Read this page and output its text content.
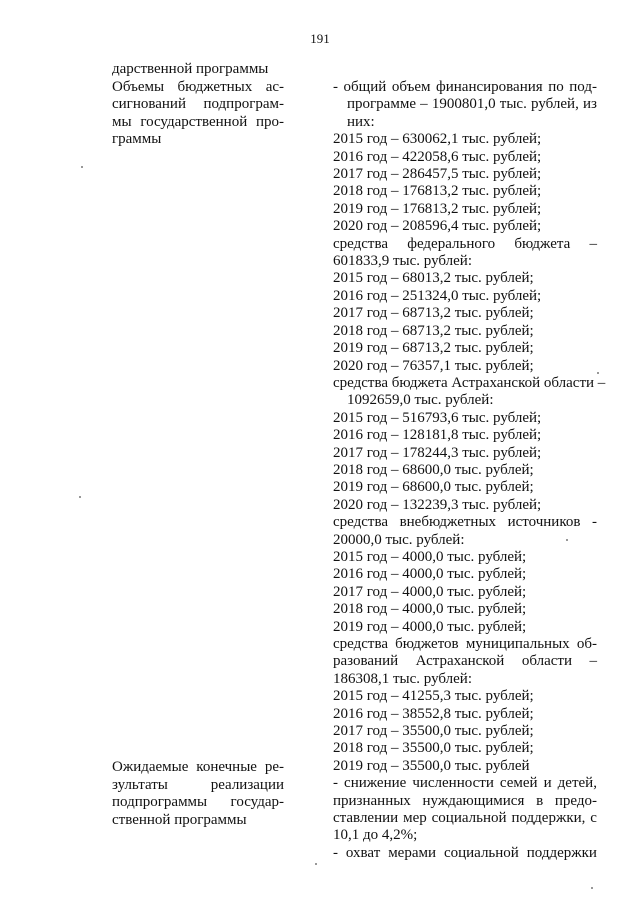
191
дарственной программы
Объемы бюджетных ас-
сигнований подпрограм-
мы государственной про-
граммы
Ожидаемые конечные ре-
зультаты	реализации
подпрограммы государ-
ственной программы
- общий объем финансирования по под-
программе – 1900801,0 тыс. рублей, из
них:
2015 год – 630062,1 тыс. рублей;
2016 год – 422058,6 тыс. рублей;
2017 год – 286457,5 тыс. рублей;
2018 год – 176813,2 тыс. рублей;
2019 год – 176813,2 тыс. рублей;
2020 год – 208596,4 тыс. рублей;
средства федерального бюджета –
601833,9 тыс. рублей:
2015 год – 68013,2 тыс. рублей;
2016 год – 251324,0 тыс. рублей;
2017 год – 68713,2 тыс. рублей;
2018 год – 68713,2 тыс. рублей;
2019 год – 68713,2 тыс. рублей;
2020 год – 76357,1 тыс. рублей;
средства бюджета Астраханской области –
1092659,0 тыс. рублей:
2015 год – 516793,6 тыс. рублей;
2016 год – 128181,8 тыс. рублей;
2017 год – 178244,3 тыс. рублей;
2018 год – 68600,0 тыс. рублей;
2019 год – 68600,0 тыс. рублей;
2020 год – 132239,3 тыс. рублей;
средства внебюджетных источников -
20000,0 тыс. рублей:
2015 год – 4000,0 тыс. рублей;
2016 год – 4000,0 тыс. рублей;
2017 год – 4000,0 тыс. рублей;
2018 год – 4000,0 тыс. рублей;
2019 год – 4000,0 тыс. рублей;
средства бюджетов муниципальных об-
разований Астраханской области –
186308,1 тыс. рублей:
2015 год – 41255,3 тыс. рублей;
2016 год – 38552,8 тыс. рублей;
2017 год – 35500,0 тыс. рублей;
2018 год – 35500,0 тыс. рублей;
2019 год – 35500,0 тыс. рублей
- снижение численности семей и детей,
признанных нуждающимися в предо-
ставлении мер социальной поддержки, с
10,1 до 4,2%;
- охват мерами социальной поддержки
